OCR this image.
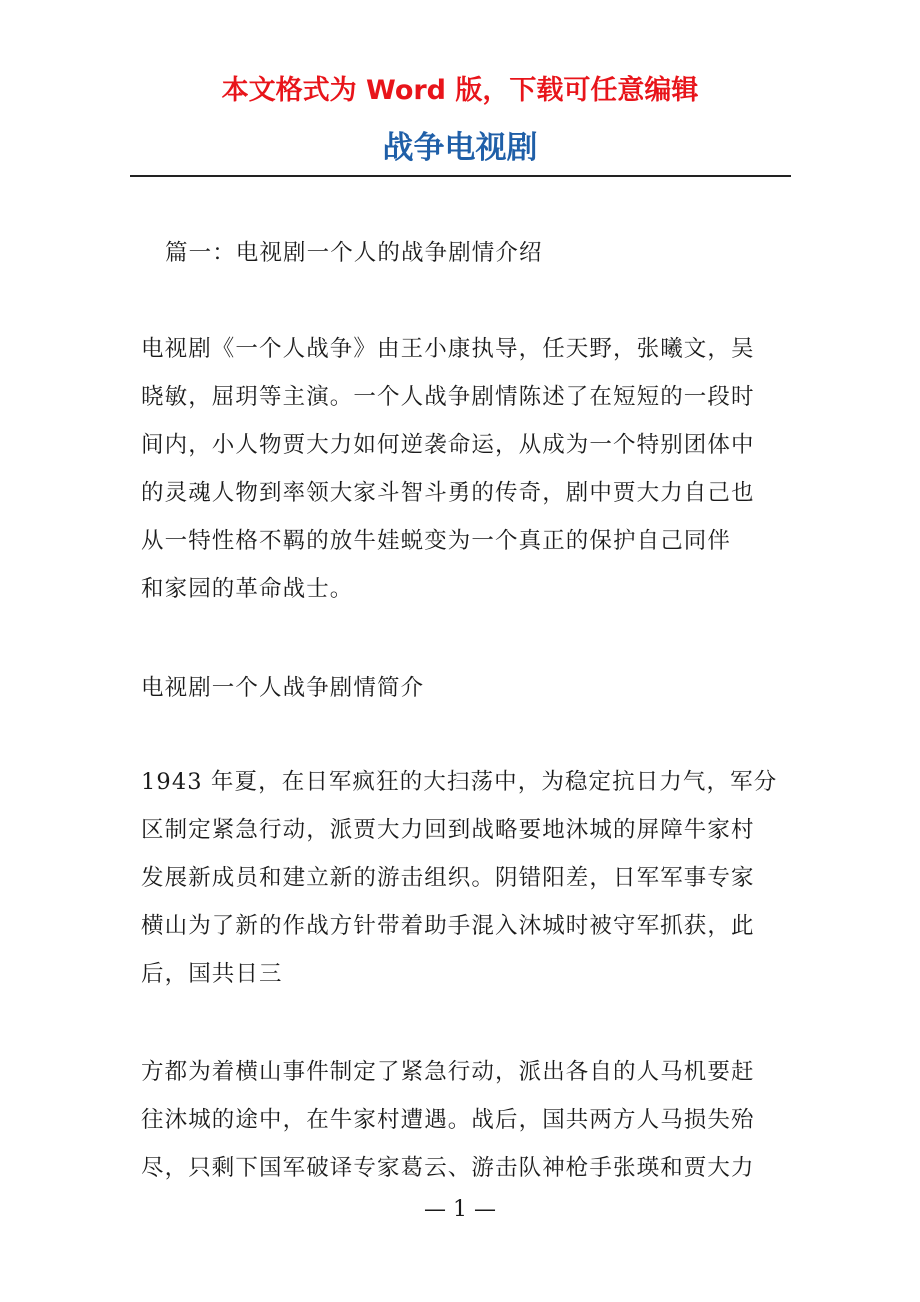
本文格式为 Word 版，下载可任意编辑
战争电视剧
篇一：电视剧一个人的战争剧情介绍
电视剧《一个人战争》由王小康执导，任天野，张曦文，吴
晓敏，屈玥等主演。一个人战争剧情陈述了在短短的一段时
间内，小人物贾大力如何逆袭命运，从成为一个特别团体中
的灵魂人物到率领大家斗智斗勇的传奇，剧中贾大力自己也
从一特性格不羁的放牛娃蜕变为一个真正的保护自己同伴
和家园的革命战士。
电视剧一个人战争剧情简介
1943 年夏，在日军疯狂的大扫荡中，为稳定抗日力气，军分
区制定紧急行动，派贾大力回到战略要地沐城的屏障牛家村
发展新成员和建立新的游击组织。阴错阳差，日军军事专家
横山为了新的作战方针带着助手混入沐城时被守军抓获，此
后，国共日三
方都为着横山事件制定了紧急行动，派出各自的人马机要赶
往沐城的途中，在牛家村遭遇。战后，国共两方人马损失殆
尽，只剩下国军破译专家葛云、游击队神枪手张瑛和贾大力
— 1 —
